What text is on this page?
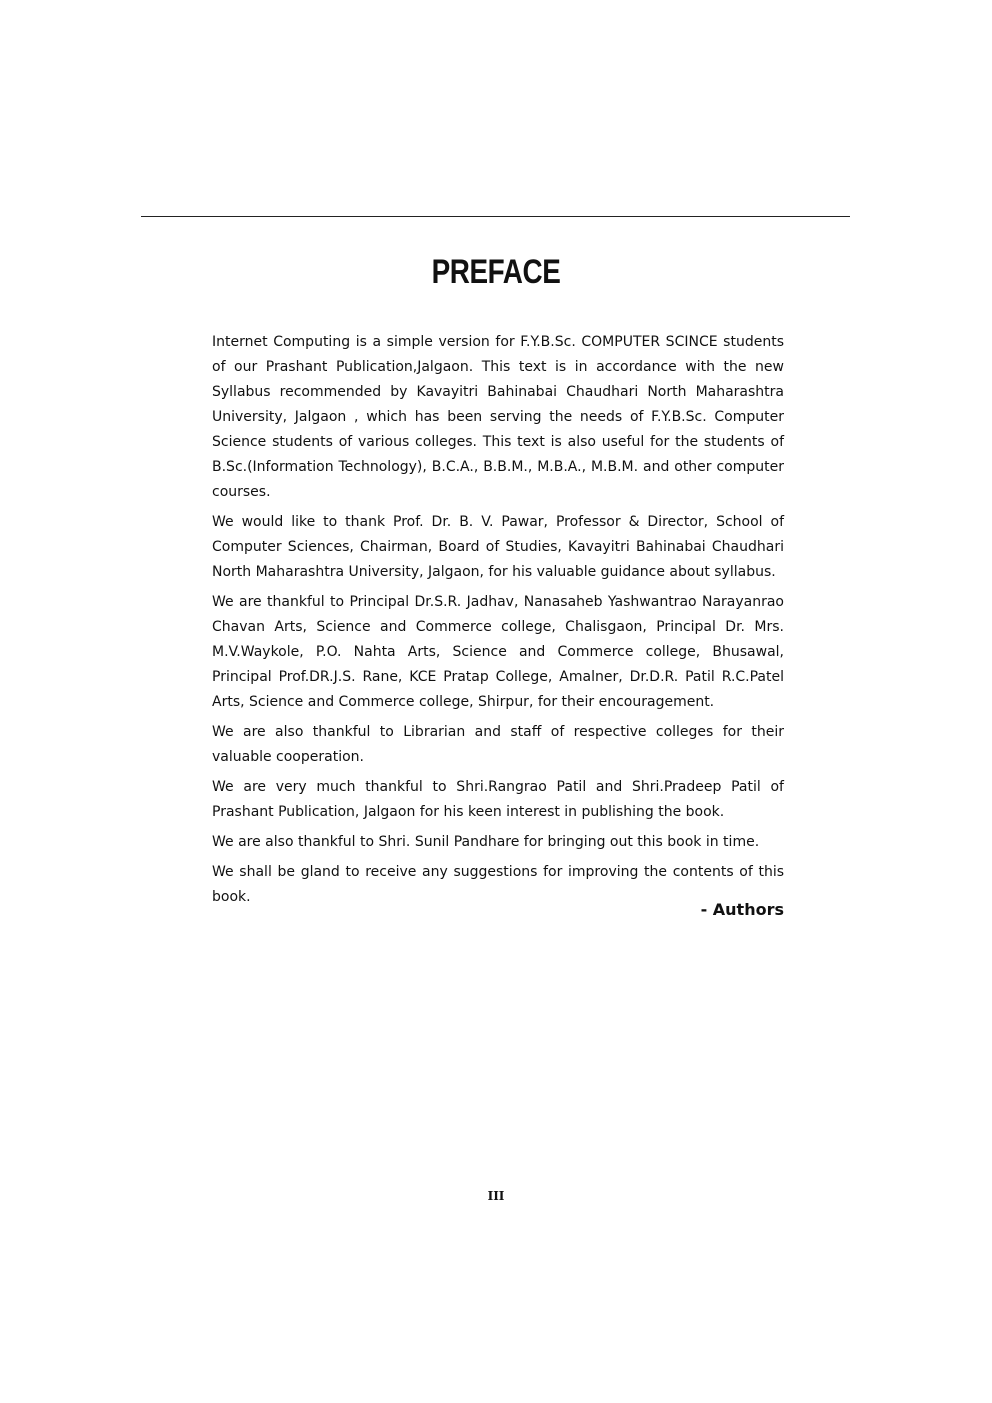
PREFACE

Internet Computing is a simple version for F.Y.B.Sc. COMPUTER SCINCE students of our Prashant Publication,Jalgaon. This text is in accordance with the new Syllabus recommended by Kavayitri Bahinabai Chaudhari North Maharashtra University, Jalgaon , which has been serving the needs of F.Y.B.Sc. Computer Science students of various colleges. This text is also useful for the students of B.Sc.(Information Technology), B.C.A., B.B.M., M.B.A., M.B.M. and other computer courses.

We would like to thank Prof. Dr. B. V. Pawar, Professor & Director, School of Computer Sciences, Chairman, Board of Studies, Kavayitri Bahinabai Chaudhari North Maharashtra University, Jalgaon, for his valuable guidance about syllabus.

We are thankful to Principal Dr.S.R. Jadhav, Nanasaheb Yashwantrao Narayanrao Chavan Arts, Science and Commerce college, Chalisgaon, Principal Dr. Mrs. M.V.Waykole, P.O. Nahta Arts, Science and Commerce college, Bhusawal, Principal Prof.DR.J.S. Rane, KCE Pratap College, Amalner, Dr.D.R. Patil R.C.Patel Arts, Science and Commerce college, Shirpur, for their encouragement.

We are also thankful to Librarian and staff of respective colleges for their valuable cooperation.

We are very much thankful to Shri.Rangrao Patil and Shri.Pradeep Patil of Prashant Publication, Jalgaon for his keen interest in publishing the book.

We are also thankful to Shri. Sunil Pandhare for bringing out this book in time.

We shall be gland to receive any suggestions for improving the contents of this book.

- Authors
III
